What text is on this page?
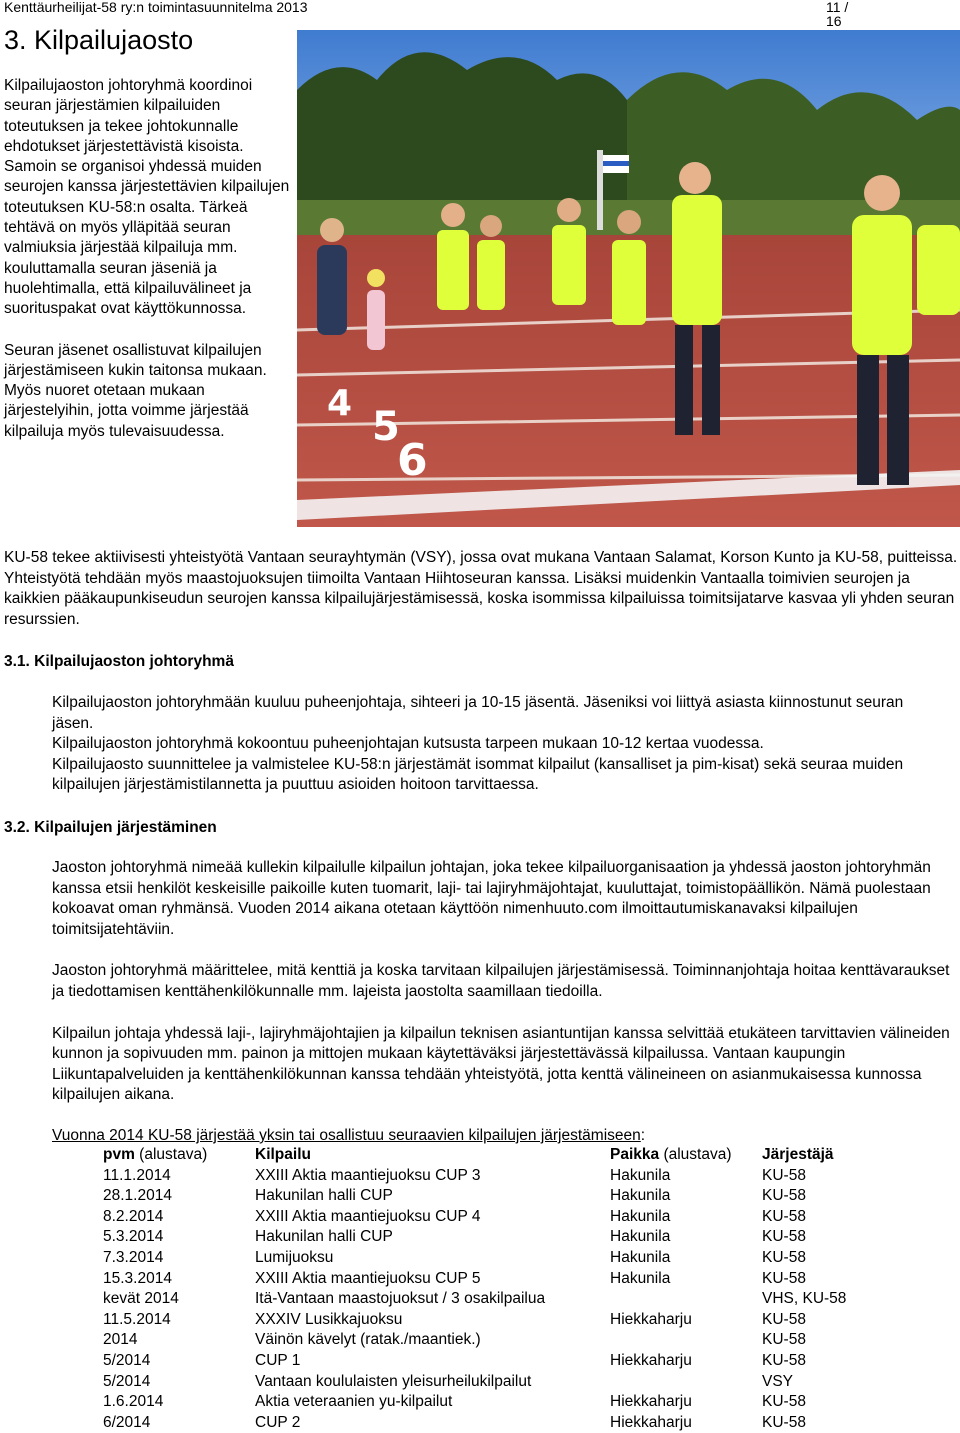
Kenttäurheilijat-58 ry:n toimintasuunnitelma 2013	11 / 16
3. Kilpailujaosto

Kilpailujaoston johtoryhmä koordinoi seuran järjestämien kilpailuiden toteutuksen ja tekee johtokunnalle ehdotukset järjestettävistä kisoista. Samoin se organisoi yhdessä muiden seurojen kanssa järjestettävien kilpailujen toteutuksen KU-58:n osalta. Tärkeä tehtävä on myös ylläpitää seuran valmiuksia järjestää kilpailuja mm. kouluttamalla seuran jäseniä ja huolehtimalla, että kilpailuvälineet ja suorituspakat ovat käyttökunnossa.

Seuran jäsenet osallistuvat kilpailujen järjestämiseen kukin taitonsa mukaan. Myös nuoret otetaan mukaan järjestelyihin, jotta voimme järjestää kilpailuja myös tulevaisuudessa.

4
5
6
KU-58 tekee aktiivisesti yhteistyötä Vantaan seurayhtymän (VSY), jossa ovat mukana Vantaan Salamat, Korson Kunto ja KU-58, puitteissa. Yhteistyötä tehdään myös maastojuoksujen tiimoilta Vantaan Hiihtoseuran kanssa. Lisäksi muidenkin Vantaalla toimivien seurojen ja kaikkien pääkaupunkiseudun seurojen kanssa kilpailujärjestämisessä, koska isommissa kilpailuissa toimitsijatarve kasvaa yli yhden seuran resurssien.
3.1. Kilpailujaoston johtoryhmä

Kilpailujaoston johtoryhmään kuuluu puheenjohtaja, sihteeri ja 10-15 jäsentä. Jäseniksi voi liittyä asiasta kiinnostunut seuran jäsen.

Kilpailujaoston johtoryhmä kokoontuu puheenjohtajan kutsusta tarpeen mukaan 10-12 kertaa vuodessa.

Kilpailujaosto suunnittelee ja valmistelee KU-58:n järjestämät isommat kilpailut (kansalliset ja pim-kisat) sekä seuraa muiden kilpailujen järjestämistilannetta ja puuttuu asioiden hoitoon tarvittaessa.

3.2. Kilpailujen järjestäminen

Jaoston johtoryhmä nimeää kullekin kilpailulle kilpailun johtajan, joka tekee kilpailuorganisaation ja yhdessä jaoston johtoryhmän kanssa etsii henkilöt keskeisille paikoille kuten tuomarit, laji- tai lajiryhmäjohtajat, kuuluttajat, toimistopäällikön. Nämä puolestaan kokoavat oman ryhmänsä. Vuoden 2014 aikana otetaan käyttöön nimenhuuto.com ilmoittautumiskanavaksi kilpailujen toimitsijatehtäviin.

Jaoston johtoryhmä määrittelee, mitä kenttiä ja koska tarvitaan kilpailujen järjestämisessä. Toiminnanjohtaja hoitaa kenttävaraukset ja tiedottamisen kenttähenkilökunnalle mm. lajeista jaostolta saamillaan tiedoilla.

Kilpailun johtaja yhdessä laji-, lajiryhmäjohtajien ja kilpailun teknisen asiantuntijan kanssa selvittää etukäteen tarvittavien välineiden kunnon ja sopivuuden mm. painon ja mittojen mukaan käytettäväksi järjestettävässä kilpailussa. Vantaan kaupungin Liikuntapalveluiden ja kenttähenkilökunnan kanssa tehdään yhteistyötä, jotta kenttä välineineen on asianmukaisessa kunnossa kilpailujen aikana.

Vuonna 2014 KU-58 järjestää yksin tai osallistuu seuraavien kilpailujen järjestämiseen:
pvm (alustava)	Kilpailu	Paikka (alustava)	Järjestäjä
11.1.2014	XXIII Aktia maantiejuoksu CUP 3	Hakunila	KU-58
28.1.2014	Hakunilan halli CUP	Hakunila	KU-58
8.2.2014	XXIII Aktia maantiejuoksu CUP 4	Hakunila	KU-58
5.3.2014	Hakunilan halli CUP	Hakunila	KU-58
7.3.2014	Lumijuoksu	Hakunila	KU-58
15.3.2014	XXIII Aktia maantiejuoksu CUP 5	Hakunila	KU-58
kevät 2014	Itä-Vantaan maastojuoksut / 3 osakilpailua		VHS, KU-58
11.5.2014	XXXIV Lusikkajuoksu	Hiekkaharju	KU-58
2014	Väinön kävelyt (ratak./maantiek.)		KU-58
5/2014	CUP 1	Hiekkaharju	KU-58
5/2014	Vantaan koululaisten yleisurheilukilpailut		VSY
1.6.2014	Aktia veteraanien yu-kilpailut	Hiekkaharju	KU-58
6/2014	CUP 2	Hiekkaharju	KU-58
